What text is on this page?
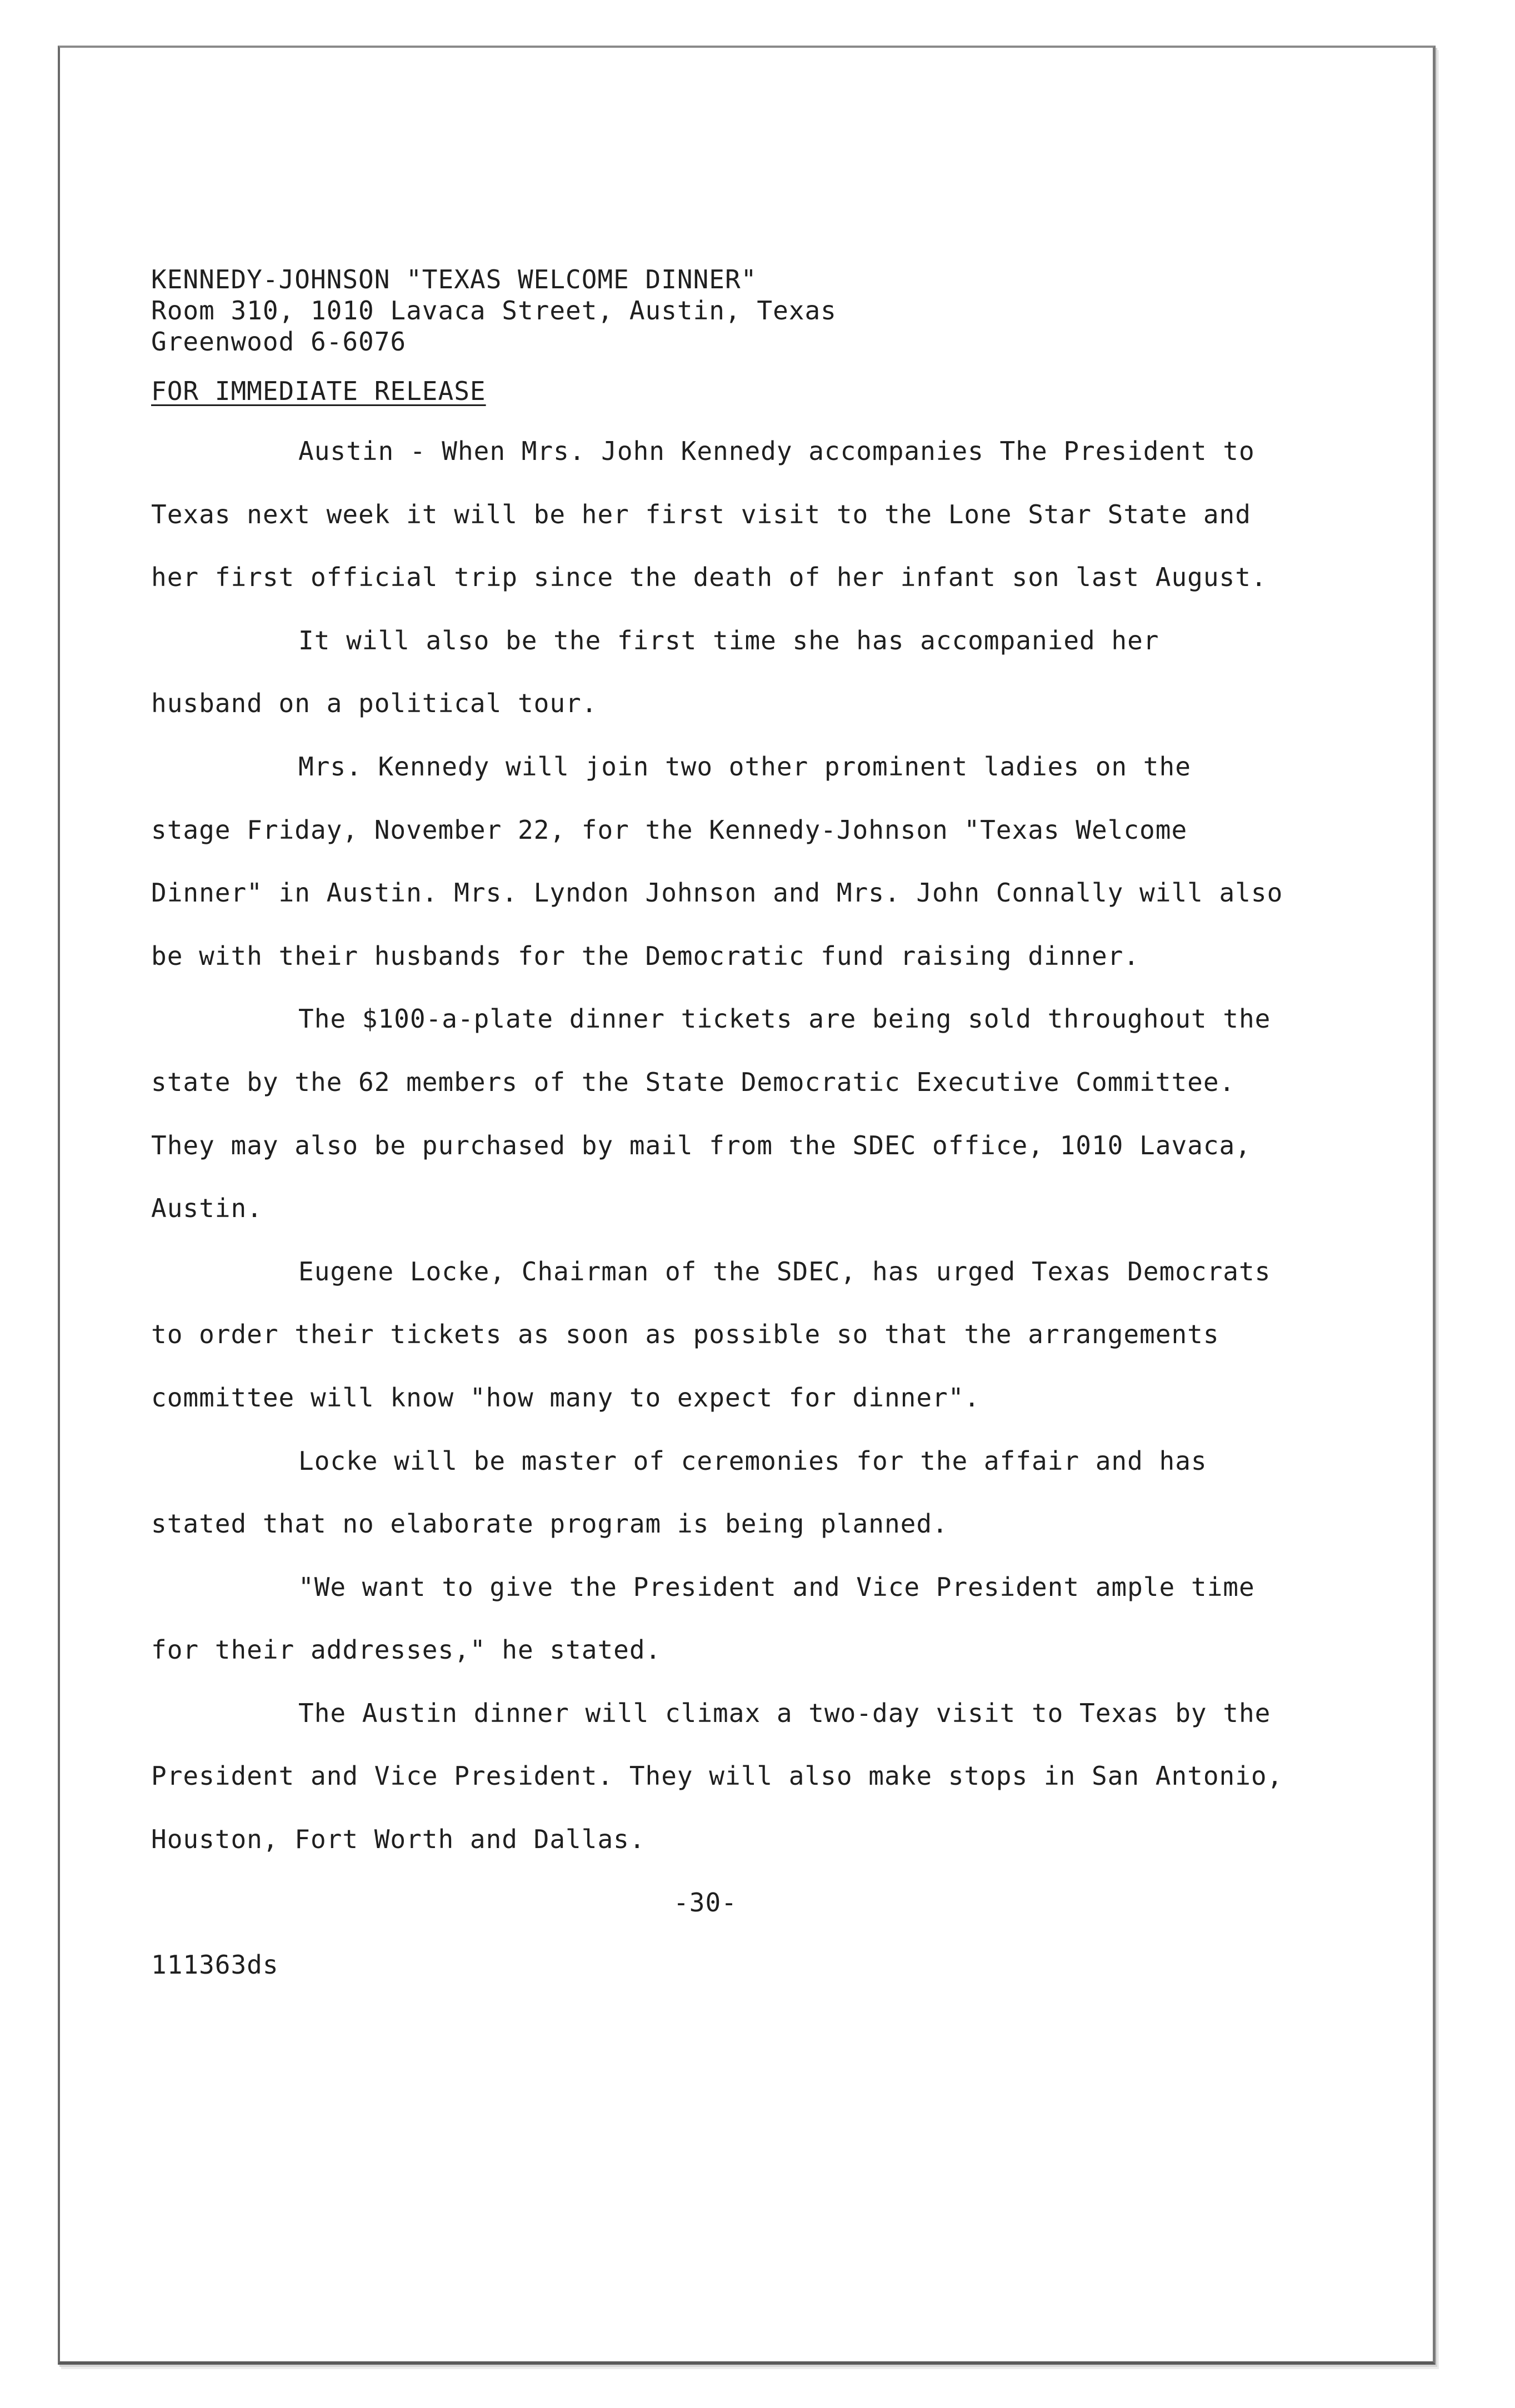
KENNEDY-JOHNSON "TEXAS WELCOME DINNER"
Room 310, 1010 Lavaca Street, Austin, Texas
Greenwood 6-6076
FOR IMMEDIATE RELEASE

Austin - When Mrs. John Kennedy accompanies The President to Texas next week it will be her first visit to the Lone Star State and her first official trip since the death of her infant son last August.

It will also be the first time she has accompanied her husband on a political tour.

Mrs. Kennedy will join two other prominent ladies on the stage Friday, November 22, for the Kennedy-Johnson "Texas Welcome Dinner" in Austin. Mrs. Lyndon Johnson and Mrs. John Connally will also be with their husbands for the Democratic fund raising dinner.

The $100-a-plate dinner tickets are being sold throughout the state by the 62 members of the State Democratic Executive Committee. They may also be purchased by mail from the SDEC office, 1010 Lavaca, Austin.

Eugene Locke, Chairman of the SDEC, has urged Texas Democrats to order their tickets as soon as possible so that the arrangements committee will know "how many to expect for dinner".

Locke will be master of ceremonies for the affair and has stated that no elaborate program is being planned.

"We want to give the President and Vice President ample time for their addresses," he stated.

The Austin dinner will climax a two-day visit to Texas by the President and Vice President. They will also make stops in San Antonio, Houston, Fort Worth and Dallas.

-30-
111363ds
